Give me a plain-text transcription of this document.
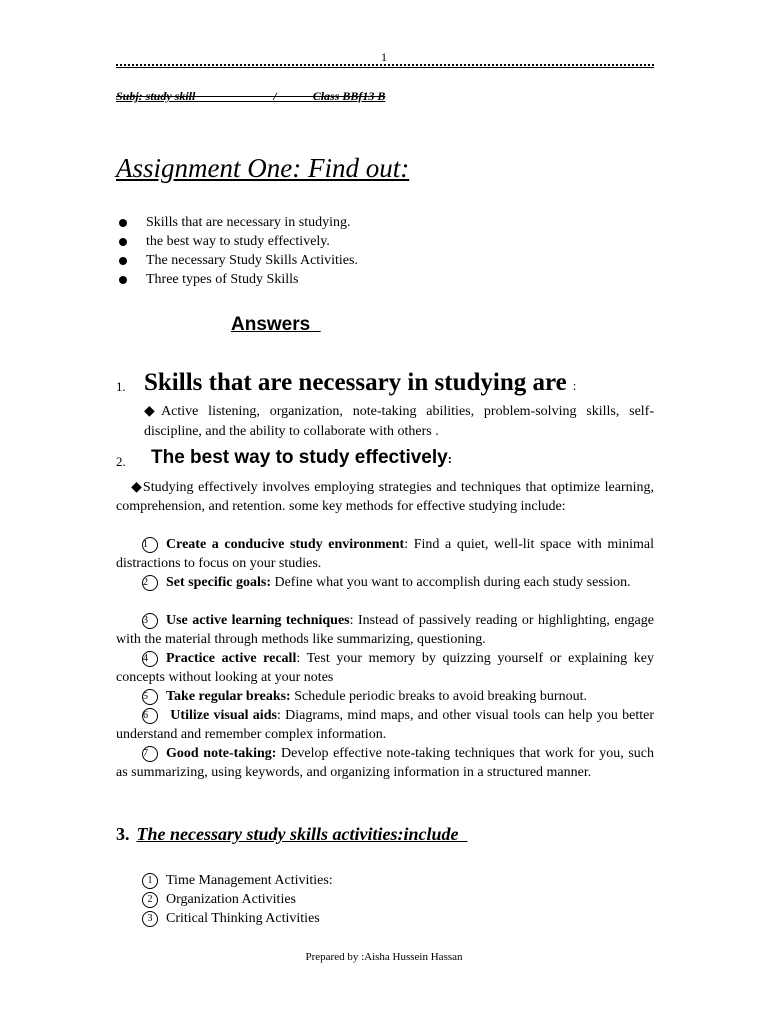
1
Subj: study skill                          /            Class BBf13 B
Assignment One: Find out:
Skills that are necessary in studying.
the best way to study effectively.
The necessary Study Skills Activities.
Three types of Study Skills
Answers
1. Skills that are necessary in studying are :
◆Active listening, organization, note-taking abilities, problem-solving skills, self-discipline, and the ability to collaborate with others .
2. The best way to study effectively:
◆Studying effectively involves employing strategies and techniques that optimize learning, comprehension, and retention. some key methods for effective studying include:
1 Create a conducive study environment: Find a quiet, well-lit space with minimal distractions to focus on your studies.
2 Set specific goals: Define what you want to accomplish during each study session.
3 Use active learning techniques: Instead of passively reading or highlighting, engage with the material through methods like summarizing, questioning.
4 Practice active recall: Test your memory by quizzing yourself or explaining key concepts without looking at your notes
5 Take regular breaks: Schedule periodic breaks to avoid breaking burnout.
6 Utilize visual aids: Diagrams, mind maps, and other visual tools can help you better understand and remember complex information.
7 Good note-taking: Develop effective note-taking techniques that work for you, such as summarizing, using keywords, and organizing information in a structured manner.
3. The necessary study skills activities:include
1 Time Management Activities:
2 Organization Activities
3 Critical Thinking Activities
Prepared by :Aisha Hussein Hassan
